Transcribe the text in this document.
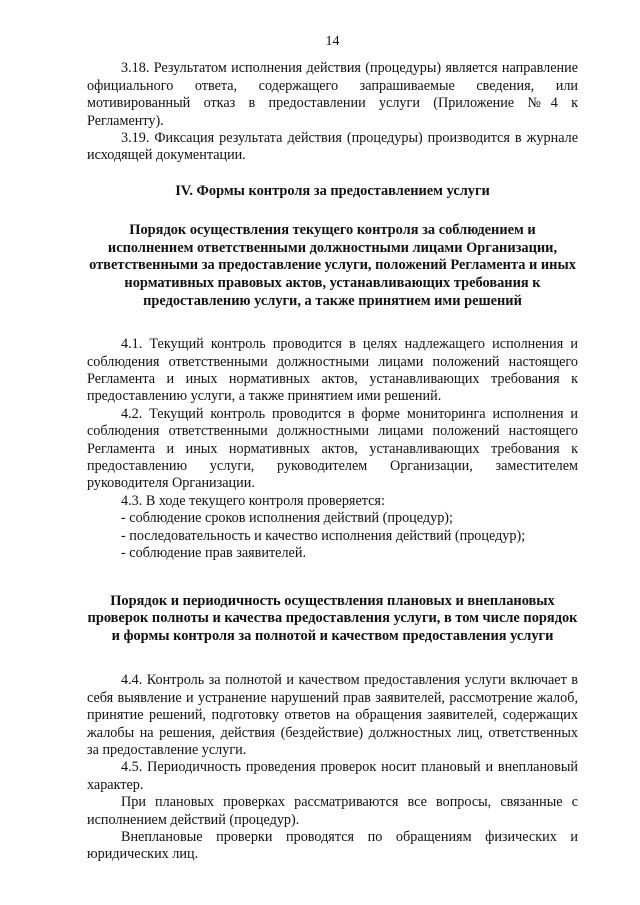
14

3.18. Результатом исполнения действия (процедуры) является направление официального ответа, содержащего запрашиваемые сведения, или мотивированный отказ в предоставлении услуги (Приложение №4 к Регламенту).

3.19. Фиксация результата действия (процедуры) производится в журнале исходящей документации.

IV. Формы контроля за предоставлением услуги
Порядок осуществления текущего контроля за соблюдением и исполнением ответственными должностными лицами Организации, ответственными за предоставление услуги, положений Регламента и иных нормативных правовых актов, устанавливающих требования к предоставлению услуги, а также принятием ими решений

4.1. Текущий контроль проводится в целях надлежащего исполнения и соблюдения ответственными должностными лицами положений настоящего Регламента и иных нормативных актов, устанавливающих требования к предоставлению услуги, а также принятием ими решений.

4.2. Текущий контроль проводится в форме мониторинга исполнения и соблюдения ответственными должностными лицами положений настоящего Регламента и иных нормативных актов, устанавливающих требования к предоставлению услуги, руководителем Организации, заместителем руководителя Организации.

4.3. В ходе текущего контроля проверяется:

- соблюдение сроков исполнения действий (процедур);

- последовательность и качество исполнения действий (процедур);

- соблюдение прав заявителей.

Порядок и периодичность осуществления плановых и внеплановых проверок полноты и качества предоставления услуги, в том числе порядок и формы контроля за полнотой и качеством предоставления услуги

4.4. Контроль за полнотой и качеством предоставления услуги включает в себя выявление и устранение нарушений прав заявителей, рассмотрение жалоб, принятие решений, подготовку ответов на обращения заявителей, содержащих жалобы на решения, действия (бездействие) должностных лиц, ответственных за предоставление услуги.

4.5. Периодичность проведения проверок носит плановый и внеплановый характер.

При плановых проверках рассматриваются все вопросы, связанные с исполнением действий (процедур).

Внеплановые проверки проводятся по обращениям физических и юридических лиц.
